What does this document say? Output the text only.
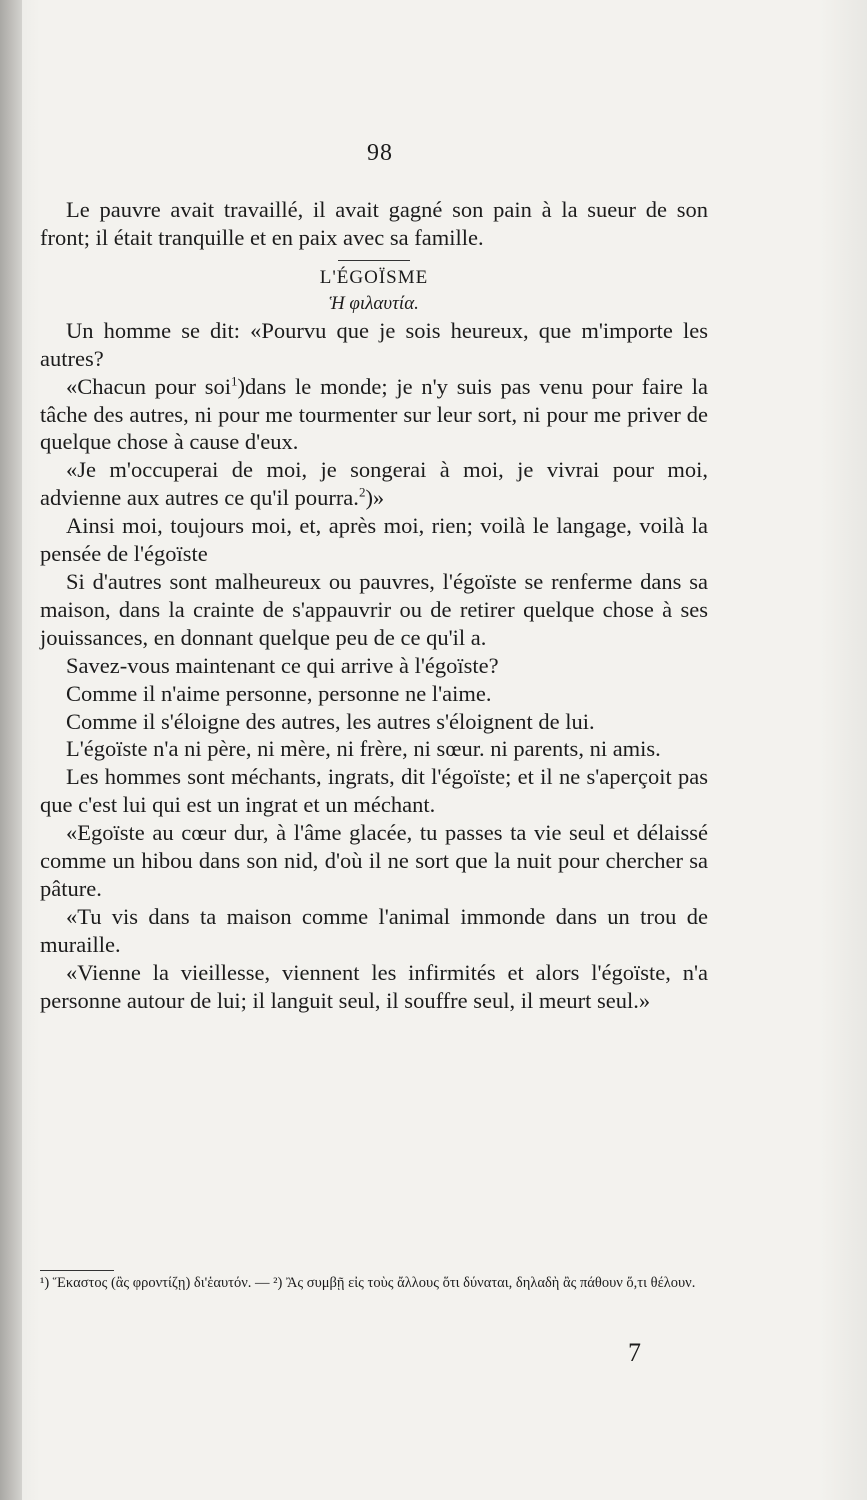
98

Le pauvre avait travaillé, il avait gagné son pain à la sueur de son front; il était tranquille et en paix avec sa famille.

L'ÉGOÏSME
Ἡ φιλαυτία.

Un homme se dit: «Pourvu que je sois heureux, que m'importe les autres?

«Chacun pour soi$^1$)dans le monde; je n'y suis pas venu pour faire la tâche des autres, ni pour me tourmenter sur leur sort, ni pour me priver de quelque chose à cause d'eux.

«Je m'occuperai de moi, je songerai à moi, je vivrai pour moi, advienne aux autres ce qu'il pourra.$^2$)»

Ainsi moi, toujours moi, et, après moi, rien; voilà le langage, voilà la pensée de l'égoïste

Si d'autres sont malheureux ou pauvres, l'égoïste se renferme dans sa maison, dans la crainte de s'appauvrir ou de retirer quelque chose à ses jouissances, en donnant quelque peu de ce qu'il a.

Savez-vous maintenant ce qui arrive à l'égoïste?

Comme il n'aime personne, personne ne l'aime.

Comme il s'éloigne des autres, les autres s'éloignent de lui.

L'égoïste n'a ni père, ni mère, ni frère, ni sœur. ni parents, ni amis.

Les hommes sont méchants, ingrats, dit l'égoïste; et il ne s'aperçoit pas que c'est lui qui est un ingrat et un méchant.

«Egoïste au cœur dur, à l'âme glacée, tu passes ta vie seul et délaissé comme un hibou dans son nid, d'où il ne sort que la nuit pour chercher sa pâture.

«Tu vis dans ta maison comme l'animal immonde dans un trou de muraille.

«Vienne la vieillesse, viennent les infirmités et alors l'égoïste, n'a personne autour de lui; il languit seul, il souffre seul, il meurt seul.»

¹) Ἕκαστος (ἂς φροντίζῃ) δι'ἑαυτόν. — ²) Ἂς συμβῇ εἰς τοὺς ἄλλους ὅτι δύναται, δηλαδὴ ἂς πάθουν ὅ,τι θέλουν.
7
